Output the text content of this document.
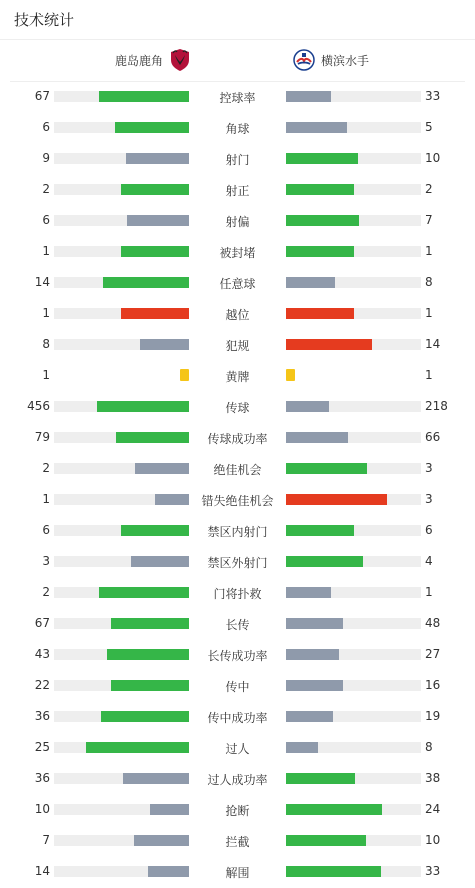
技术统计
鹿岛鹿角	横滨水手
67	控球率	33
6	角球	5
9	射门	10
2	射正	2
6	射偏	7
1	被封堵	1
14	任意球	8
1	越位	1
8	犯规	14
1	黄牌	1
456	传球	218
79	传球成功率	66
2	绝佳机会	3
1	错失绝佳机会	3
6	禁区内射门	6
3	禁区外射门	4
2	门将扑救	1
67	长传	48
43	长传成功率	27
22	传中	16
36	传中成功率	19
25	过人	8
36	过人成功率	38
10	抢断	24
7	拦截	10
14	解围	33
